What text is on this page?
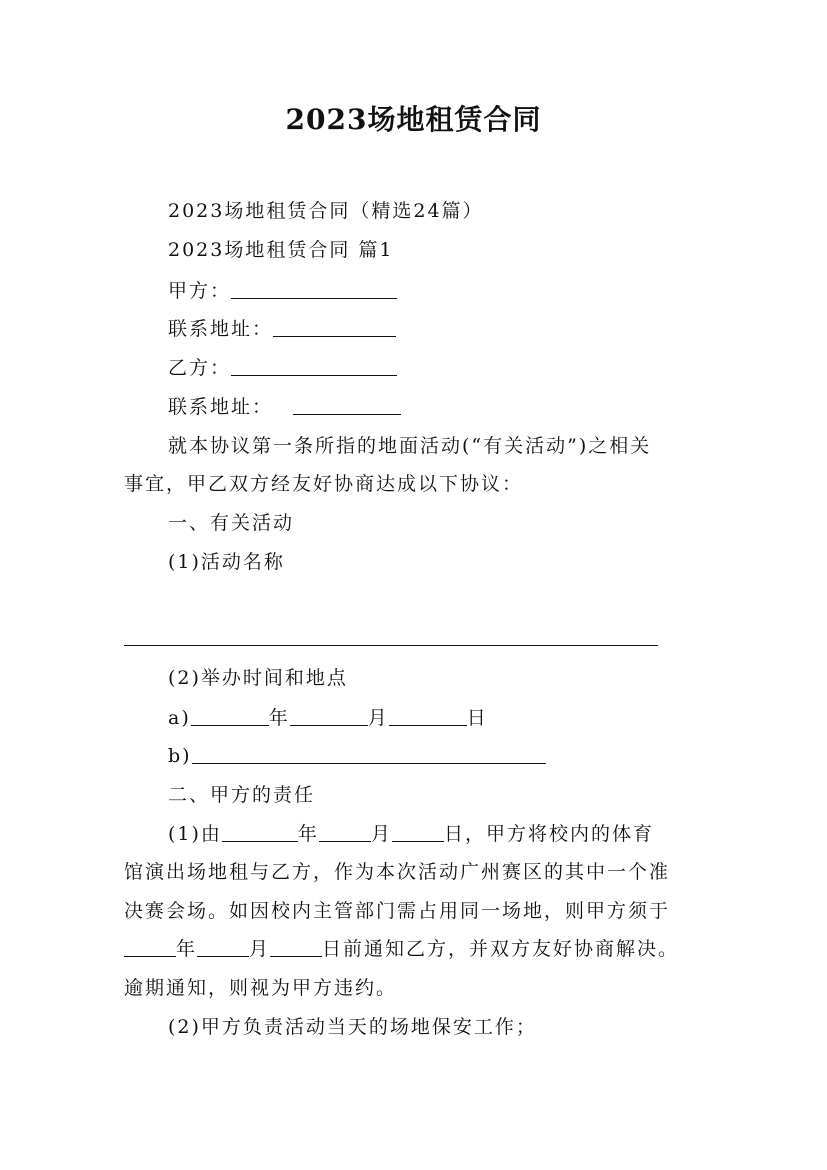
2023场地租赁合同
2023场地租赁合同（精选24篇）
2023场地租赁合同 篇1
甲方：
联系地址：
乙方：
联系地址：
就本协议第一条所指的地面活动(“有关活动”)之相关
事宜，甲乙双方经友好协商达成以下协议：
一、有关活动
(1)活动名称
(2)举办时间和地点
a)	年	月	日
b)
二、甲方的责任
(1)由	年	月	日，甲方将校内的体育
馆演出场地租与乙方，作为本次活动广州赛区的其中一个准
决赛会场。如因校内主管部门需占用同一场地，则甲方须于
年	月	日前通知乙方，并双方友好协商解决。
逾期通知，则视为甲方违约。
(2)甲方负责活动当天的场地保安工作；
